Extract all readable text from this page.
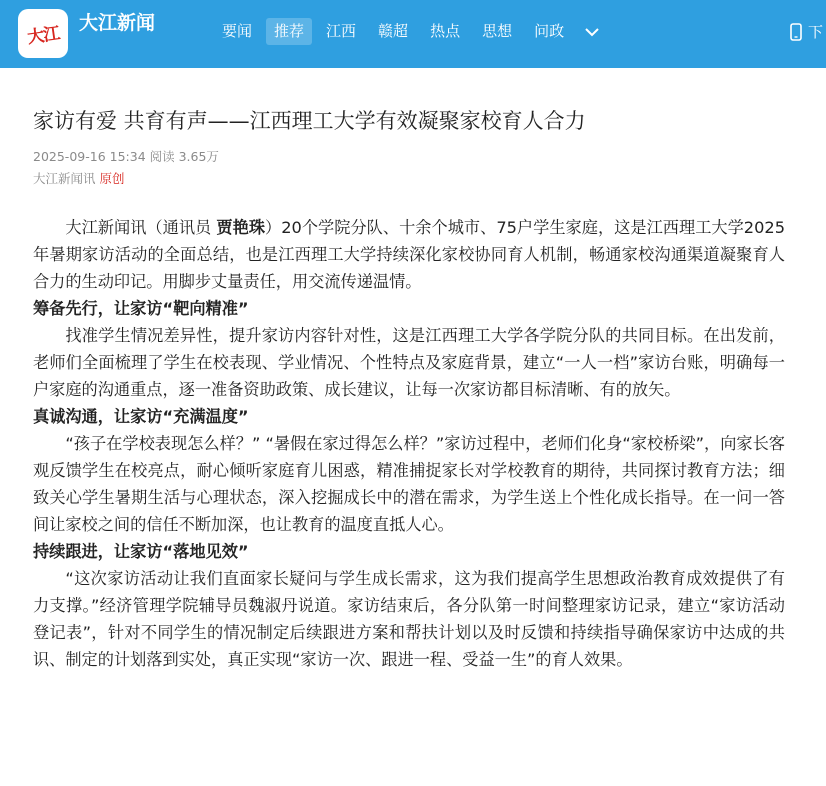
大江
大江新闻	要闻	推荐	江西	赣超	热点	思想	问政	下
家访有爱 共育有声——江西理工大学有效凝聚家校育人合力
2025-09-16 15:34 阅读 3.65万
大江新闻讯 原创

大江新闻讯（通讯员 贾艳珠）20个学院分队、十余个城市、75户学生家庭，这是江西理工大学2025年暑期家访活动的全面总结，也是江西理工大学持续深化家校协同育人机制，畅通家校沟通渠道凝聚育人合力的生动印记。用脚步丈量责任，用交流传递温情。

筹备先行，让家访“靶向精准”

找准学生情况差异性，提升家访内容针对性，这是江西理工大学各学院分队的共同目标。在出发前，老师们全面梳理了学生在校表现、学业情况、个性特点及家庭背景，建立“一人一档”家访台账，明确每一户家庭的沟通重点，逐一准备资助政策、成长建议，让每一次家访都目标清晰、有的放矢。

真诚沟通，让家访“充满温度”

“孩子在学校表现怎么样？” “暑假在家过得怎么样？”家访过程中，老师们化身“家校桥梁”，向家长客观反馈学生在校亮点，耐心倾听家庭育儿困惑，精准捕捉家长对学校教育的期待，共同探讨教育方法；细致关心学生暑期生活与心理状态，深入挖掘成长中的潜在需求，为学生送上个性化成长指导。在一问一答间让家校之间的信任不断加深，也让教育的温度直抵人心。

持续跟进，让家访“落地见效”

“这次家访活动让我们直面家长疑问与学生成长需求，这为我们提高学生思想政治教育成效提供了有力支撑。”经济管理学院辅导员魏淑丹说道。家访结束后，各分队第一时间整理家访记录，建立“家访活动登记表”，针对不同学生的情况制定后续跟进方案和帮扶计划以及时反馈和持续指导确保家访中达成的共识、制定的计划落到实处，真正实现“家访一次、跟进一程、受益一生”的育人效果。
